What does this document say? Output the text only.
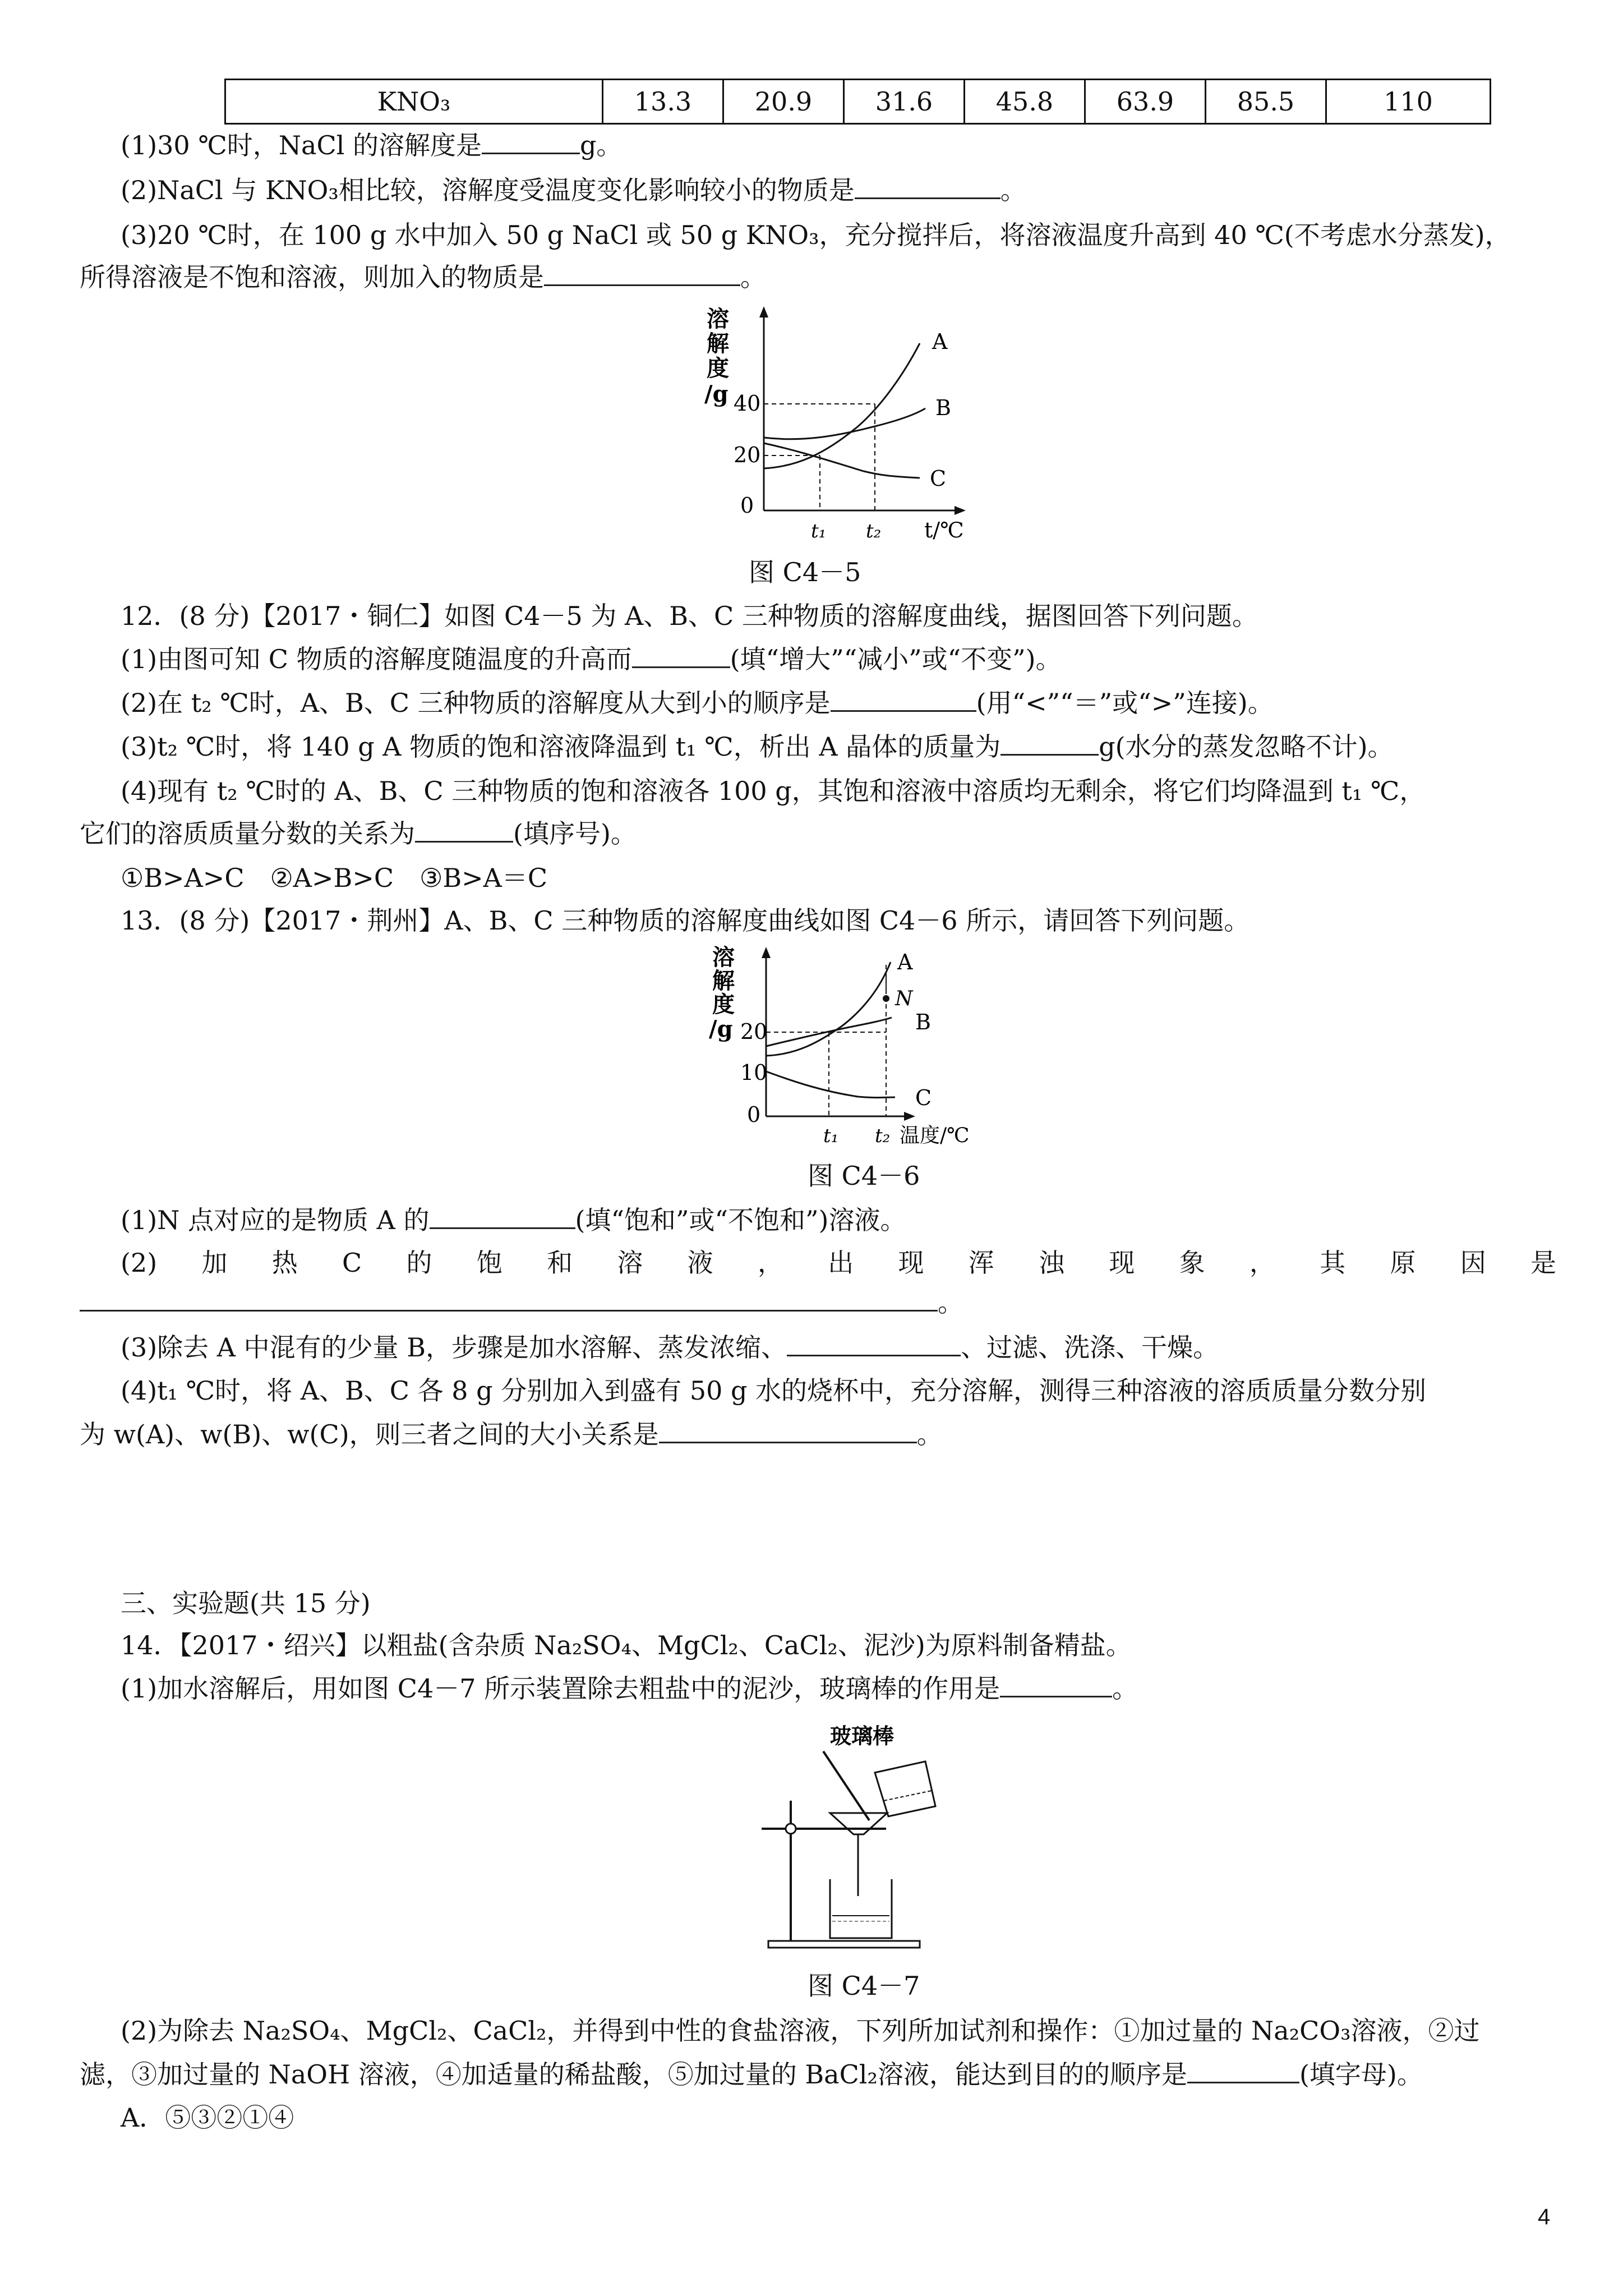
KNO₃	13.3	20.9	31.6	45.8	63.9	85.5	110
(1)30 ℃时，NaCl 的溶解度是	g。
(2)NaCl 与 KNO₃相比较，溶解度受温度变化影响较小的物质是	。
(3)20 ℃时，在 100 g 水中加入 50 g NaCl 或 50 g KNO₃，充分搅拌后，将溶液温度升高到 40 ℃(不考虑水分蒸发)，
所得溶液是不饱和溶液，则加入的物质是	。
溶
解
度
/g 40
20
0
A
B
C
t₁ t₂ t/℃
图 C4－5
12．(8 分)【2017・铜仁】如图 C4－5 为 A、B、C 三种物质的溶解度曲线，据图回答下列问题。
(1)由图可知 C 物质的溶解度随温度的升高而	(填“增大”“减小”或“不变”)。
(2)在 t₂ ℃时，A、B、C 三种物质的溶解度从大到小的顺序是	(用“<”“＝”或“>”连接)。
(3)t₂ ℃时，将 140 g A 物质的饱和溶液降温到 t₁ ℃，析出 A 晶体的质量为	g(水分的蒸发忽略不计)。
(4)现有 t₂ ℃时的 A、B、C 三种物质的饱和溶液各 100 g，其饱和溶液中溶质均无剩余，将它们均降温到 t₁ ℃，
它们的溶质质量分数的关系为	(填序号)。
①B>A>C　②A>B>C　③B>A＝C
13．(8 分)【2017・荆州】A、B、C 三种物质的溶解度曲线如图 C4－6 所示，请回答下列问题。
溶
解
度
/g 20
10
0
A
N
B
C
t₁ t₂ 温度/℃
图 C4－6
(1)N 点对应的是物质 A 的	(填“饱和”或“不饱和”)溶液。
(2) 加 热 C 的 饱 和 溶 液 ， 出 现 浑 浊 现 象 ， 其 原 因 是
。
(3)除去 A 中混有的少量 B，步骤是加水溶解、蒸发浓缩、	、过滤、洗涤、干燥。
(4)t₁ ℃时，将 A、B、C 各 8 g 分别加入到盛有 50 g 水的烧杯中，充分溶解，测得三种溶液的溶质质量分数分别
为 w(A)、w(B)、w(C)，则三者之间的大小关系是	。
三、实验题(共 15 分)
14．【2017・绍兴】以粗盐(含杂质 Na₂SO₄、MgCl₂、CaCl₂、泥沙)为原料制备精盐。
(1)加水溶解后，用如图 C4－7 所示装置除去粗盐中的泥沙，玻璃棒的作用是	。
玻璃棒
图 C4－7
(2)为除去 Na₂SO₄、MgCl₂、CaCl₂，并得到中性的食盐溶液，下列所加试剂和操作：①加过量的 Na₂CO₃溶液，②过
滤，③加过量的 NaOH 溶液，④加适量的稀盐酸，⑤加过量的 BaCl₂溶液，能达到目的的顺序是	(填字母)。
A．⑤③②①④
4
